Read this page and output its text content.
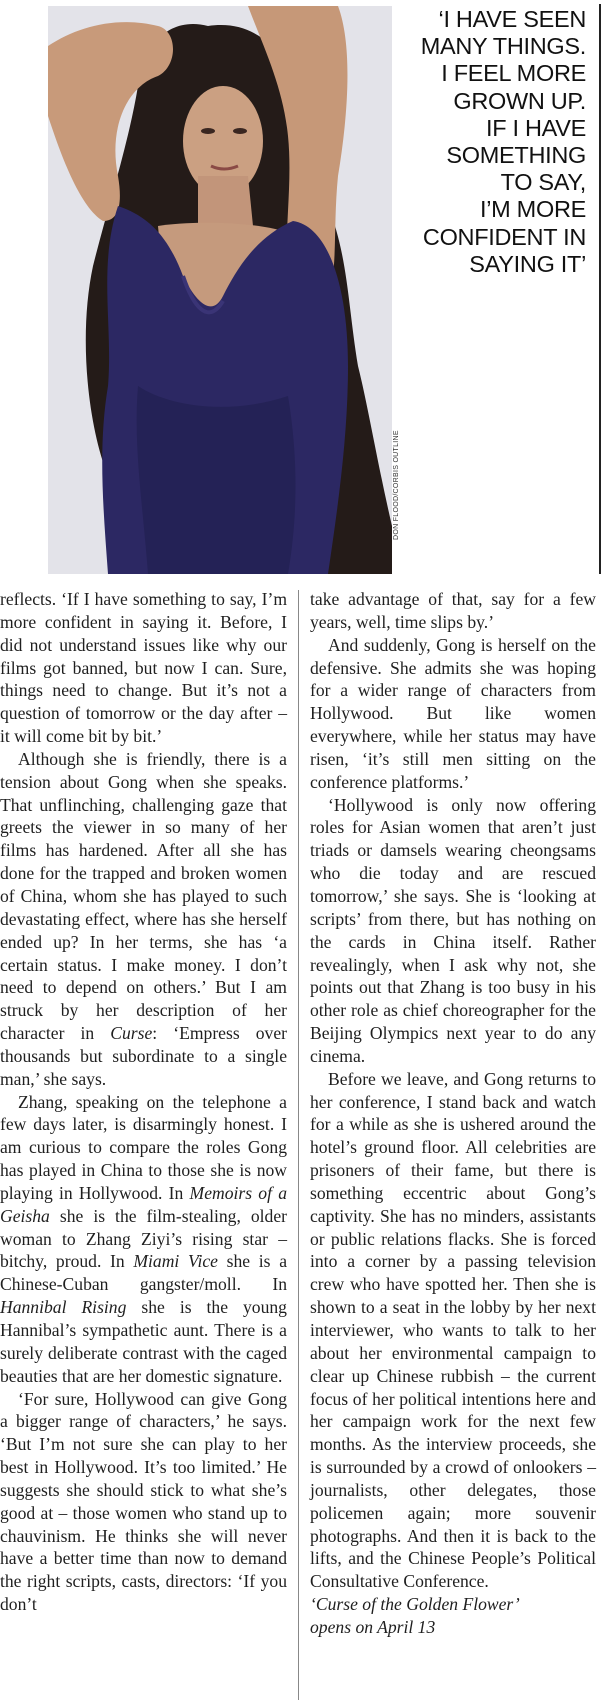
DON FLOOD/CORBIS OUTLINE
‘I HAVE SEEN
MANY THINGS.
I FEEL MORE
GROWN UP.
IF I HAVE
SOMETHING
TO SAY,
I’M MORE
CONFIDENT IN
SAYING IT’

reflects. ‘If I have something to say, I’m more confident in saying it. Before, I did not understand issues like why our films got banned, but now I can. Sure, things need to change. But it’s not a question of tomorrow or the day after – it will come bit by bit.’

Although she is friendly, there is a tension about Gong when she speaks. That unflinching, challenging gaze that greets the viewer in so many of her films has hardened. After all she has done for the trapped and broken women of China, whom she has played to such devastating effect, where has she herself ended up? In her terms, she has ‘a certain status. I make money. I don’t need to depend on others.’ But I am struck by her description of her character in Curse: ‘Empress over thousands but subordinate to a single man,’ she says.

Zhang, speaking on the telephone a few days later, is disarmingly honest. I am curious to compare the roles Gong has played in China to those she is now playing in Hollywood. In Memoirs of a Geisha she is the film-stealing, older woman to Zhang Ziyi’s rising star – bitchy, proud. In Miami Vice she is a Chinese-Cuban gangster/moll. In Hannibal Rising she is the young Hannibal’s sympathetic aunt. There is a surely deliberate contrast with the caged beauties that are her domestic signature.

‘For sure, Hollywood can give Gong a bigger range of characters,’ he says. ‘But I’m not sure she can play to her best in Hollywood. It’s too limited.’ He suggests she should stick to what she’s good at – those women who stand up to chauvinism. He thinks she will never have a better time than now to demand the right scripts, casts, directors: ‘If you don’t

take advantage of that, say for a few years, well, time slips by.’

And suddenly, Gong is herself on the defensive. She admits she was hoping for a wider range of characters from Hollywood. But like women everywhere, while her status may have risen, ‘it’s still men sitting on the conference platforms.’

‘Hollywood is only now offering roles for Asian women that aren’t just triads or damsels wearing cheongsams who die today and are rescued tomorrow,’ she says. She is ‘looking at scripts’ from there, but has nothing on the cards in China itself. Rather revealingly, when I ask why not, she points out that Zhang is too busy in his other role as chief choreographer for the Beijing Olympics next year to do any cinema.

Before we leave, and Gong returns to her conference, I stand back and watch for a while as she is ushered around the hotel’s ground floor. All celebrities are prisoners of their fame, but there is something eccentric about Gong’s captivity. She has no minders, assistants or public relations flacks. She is forced into a corner by a passing television crew who have spotted her. Then she is shown to a seat in the lobby by her next interviewer, who wants to talk to her about her environmental campaign to clear up Chinese rubbish – the current focus of her political intentions here and her campaign work for the next few months. As the interview proceeds, she is surrounded by a crowd of onlookers – journalists, other delegates, those policemen again; more souvenir photographs. And then it is back to the lifts, and the Chinese People’s Political Consultative Conference.

‘Curse of the Golden Flower’

opens on April 13
